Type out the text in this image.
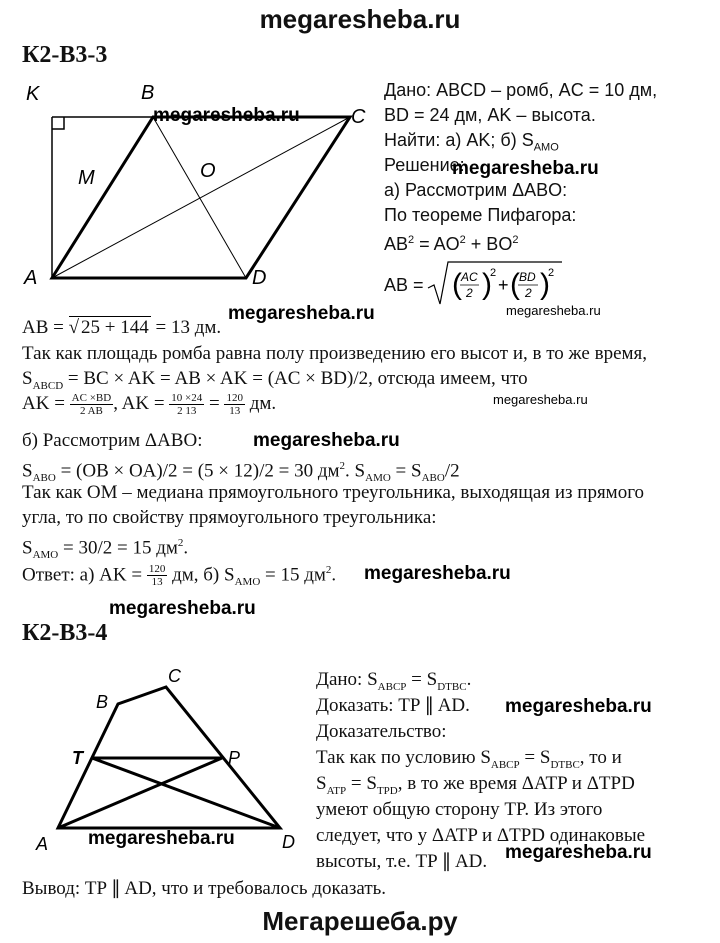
megaresheba.ru
К2-В3-3
K	B
C
A	D
M	O
megaresheba.ru
Дано: ABCD – ромб, AC = 10 дм,
BD = 24 дм, AK – высота.
Найти: а) AK; б) $S_{AMO}$
Решение:
megaresheba.ru
а) Рассмотрим ΔABO:
По теореме Пифагора:
$AB^2 = AO^2 + BO^2$
AB = ( AC
2 )
2
+ ( BD
2 )
2
megaresheba.ru	megaresheba.ru
AB = √ 25 + 144 = 13 дм.
Так как площадь ромба равна полу произведению его высот и, в то же время,
$S_{ABCD}$ = BC × AK = AB × AK = (AC × BD)/2, отсюда имеем, что
AK = $\frac{AC \times BD}{2 AB}$ , AK = $\frac{10 \times 24}{2 13} = \frac{120}{13}$ дм.	megaresheba.ru
б) Рассмотрим ΔABO:	megaresheba.ru
$S_{ABO} = (OB \times OA)/2 = (5 \times 12)/2 = 30$ $дм^2$. $S_{AMO} = S_{ABO}/2$
Так как OM – медиана прямоугольного треугольника, выходящая из прямого
угла, то по свойству прямоугольного треугольника:
$S_{AMO} = 30/2 = 15$ $дм^2$.
Ответ: а) AK = $\frac{120}{13}$ дм, б) $S_{AMO} = 15$ $дм^2$. megaresheba.ru
megaresheba.ru
К2-В3-4
B
C
T	P
A	D
megaresheba.ru
Дано: $S_{ABCP} = S_{DTBC}$.
Доказать: TP ∥ AD. megaresheba.ru
Доказательство:
Так как по условию $S_{ABCP} = S_{DTBC}$, то и
$S_{ATP} = S_{TPD}$, в то же время ΔATP и ΔTPD
умеют общую сторону TP. Из этого
следует, что у ΔATP и ΔTPD одинаковые
высоты, т.е. TP ∥ AD. megaresheba.ru
Вывод: TP ∥ AD, что и требовалось доказать.
Мегарешеба.ру
